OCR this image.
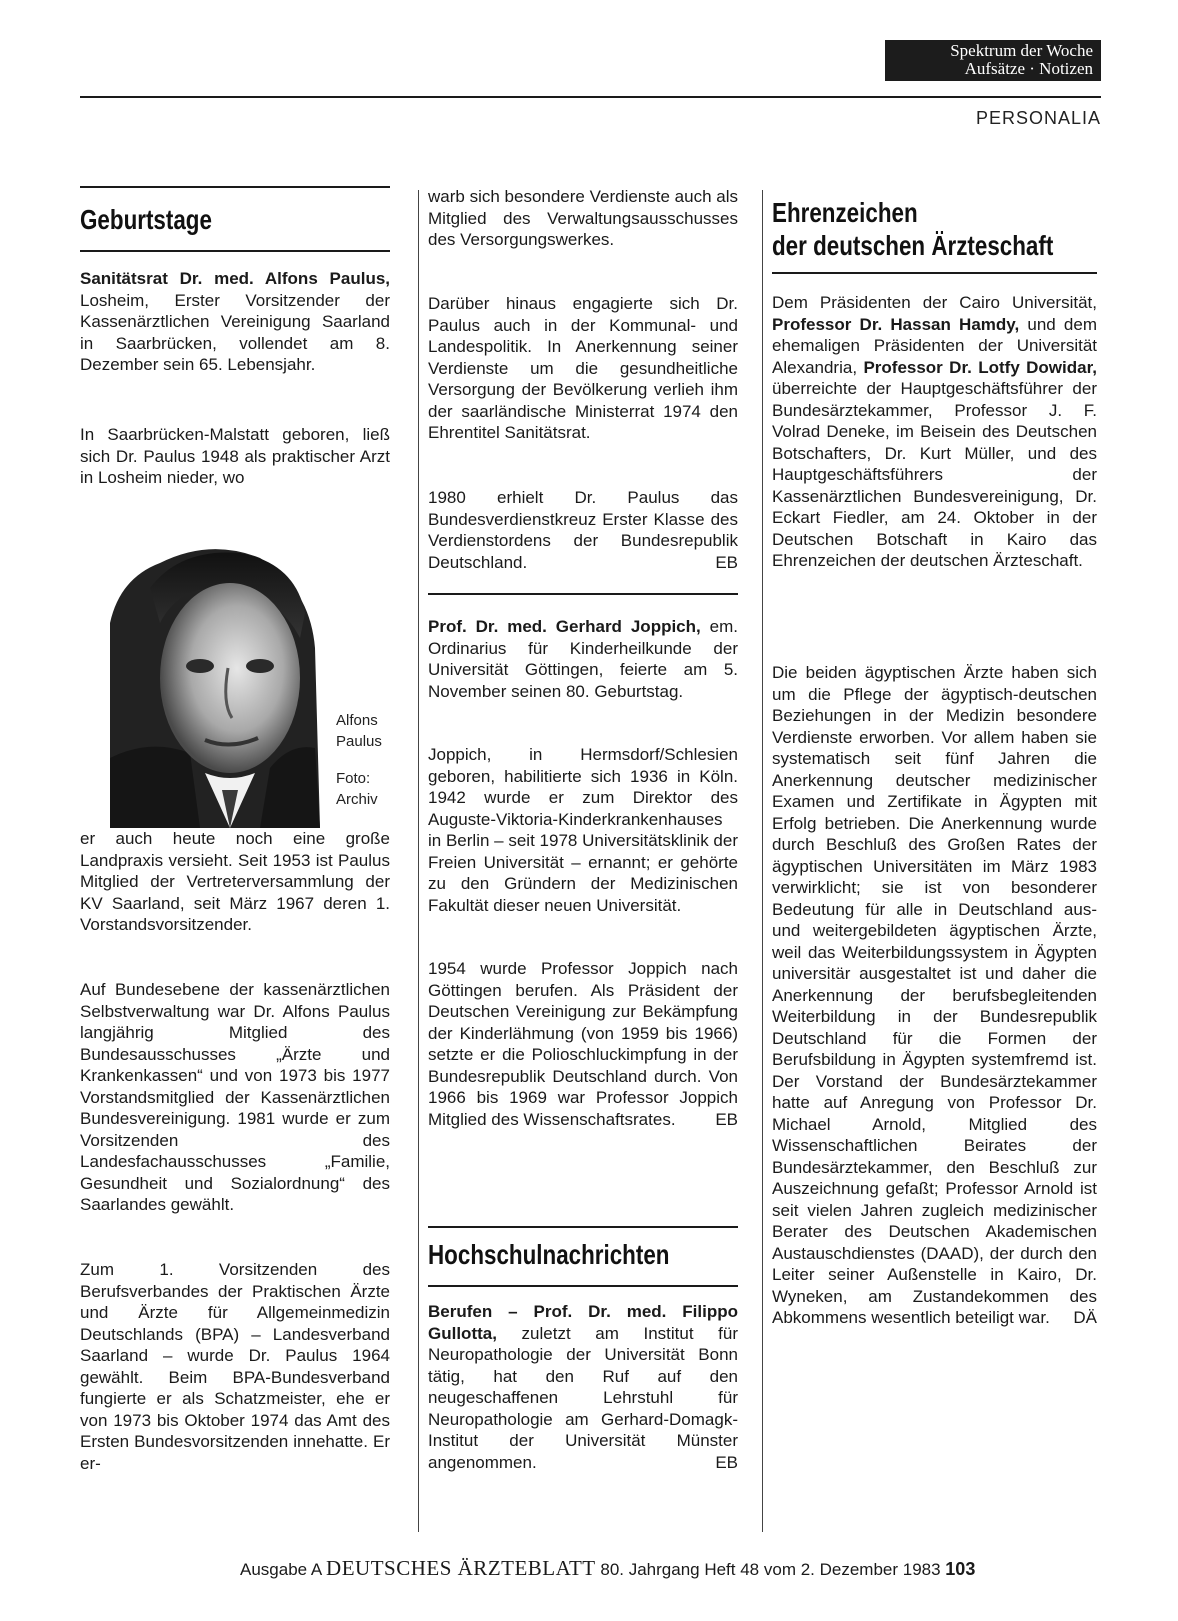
Spektrum der Woche
Aufsätze · Notizen
PERSONALIA
Geburtstage
Sanitätsrat Dr. med. Alfons Paulus, Losheim, Erster Vorsitzender der Kassenärztlichen Vereinigung Saarland in Saarbrücken, vollendet am 8. Dezember sein 65. Lebensjahr.
In Saarbrücken-Malstatt geboren, ließ sich Dr. Paulus 1948 als praktischer Arzt in Losheim nieder, wo
Alfons Paulus
Foto: Archiv
er auch heute noch eine große Landpraxis versieht. Seit 1953 ist Paulus Mitglied der Vertreterversammlung der KV Saarland, seit März 1967 deren 1. Vorstandsvorsitzender.
Auf Bundesebene der kassenärztlichen Selbstverwaltung war Dr. Alfons Paulus langjährig Mitglied des Bundesausschusses „Ärzte und Krankenkassen“ und von 1973 bis 1977 Vorstandsmitglied der Kassenärztlichen Bundesvereinigung. 1981 wurde er zum Vorsitzenden des Landesfachausschusses „Familie, Gesundheit und Sozialordnung“ des Saarlandes gewählt.
Zum 1. Vorsitzenden des Berufsverbandes der Praktischen Ärzte und Ärzte für Allgemeinmedizin Deutschlands (BPA) – Landesverband Saarland – wurde Dr. Paulus 1964 gewählt. Beim BPA-Bundesverband fungierte er als Schatzmeister, ehe er von 1973 bis Oktober 1974 das Amt des Ersten Bundesvorsitzenden innehatte. Er er-
warb sich besondere Verdienste auch als Mitglied des Verwaltungsausschusses des Versorgungswerkes.
Darüber hinaus engagierte sich Dr. Paulus auch in der Kommunal- und Landespolitik. In Anerkennung seiner Verdienste um die gesundheitliche Versorgung der Bevölkerung verlieh ihm der saarländische Ministerrat 1974 den Ehrentitel Sanitätsrat.
1980 erhielt Dr. Paulus das Bundesverdienstkreuz Erster Klasse des Verdienstordens der Bundesrepublik Deutschland.	EB
Prof. Dr. med. Gerhard Joppich, em. Ordinarius für Kinderheilkunde der Universität Göttingen, feierte am 5. November seinen 80. Geburtstag.
Joppich, in Hermsdorf/Schlesien geboren, habilitierte sich 1936 in Köln. 1942 wurde er zum Direktor des Auguste-Viktoria-Kinderkrankenhauses in Berlin – seit 1978 Universitätsklinik der Freien Universität – ernannt; er gehörte zu den Gründern der Medizinischen Fakultät dieser neuen Universität.
1954 wurde Professor Joppich nach Göttingen berufen. Als Präsident der Deutschen Vereinigung zur Bekämpfung der Kinderlähmung (von 1959 bis 1966) setzte er die Polioschluckimpfung in der Bundesrepublik Deutschland durch. Von 1966 bis 1969 war Professor Joppich Mitglied des Wissenschaftsrates. EB
Hochschulnachrichten
Berufen – Prof. Dr. med. Filippo Gullotta, zuletzt am Institut für Neuropathologie der Universität Bonn tätig, hat den Ruf auf den neugeschaffenen Lehrstuhl für Neuropathologie am Gerhard-Domagk-Institut der Universität Münster angenommen.	EB
Ehrenzeichen
der deutschen Ärzteschaft
Dem Präsidenten der Cairo Universität, Professor Dr. Hassan Hamdy, und dem ehemaligen Präsidenten der Universität Alexandria, Professor Dr. Lotfy Dowidar, überreichte der Hauptgeschäftsführer der Bundesärztekammer, Professor J. F. Volrad Deneke, im Beisein des Deutschen Botschafters, Dr. Kurt Müller, und des Hauptgeschäftsführers der Kassenärztlichen Bundesvereinigung, Dr. Eckart Fiedler, am 24. Oktober in der Deutschen Botschaft in Kairo das Ehrenzeichen der deutschen Ärzteschaft.
Die beiden ägyptischen Ärzte haben sich um die Pflege der ägyptisch-deutschen Beziehungen in der Medizin besondere Verdienste erworben. Vor allem haben sie systematisch seit fünf Jahren die Anerkennung deutscher medizinischer Examen und Zertifikate in Ägypten mit Erfolg betrieben. Die Anerkennung wurde durch Beschluß des Großen Rates der ägyptischen Universitäten im März 1983 verwirklicht; sie ist von besonderer Bedeutung für alle in Deutschland aus- und weitergebildeten ägyptischen Ärzte, weil das Weiterbildungssystem in Ägypten universitär ausgestaltet ist und daher die Anerkennung der berufsbegleitenden Weiterbildung in der Bundesrepublik Deutschland für die Formen der Berufsbildung in Ägypten systemfremd ist. Der Vorstand der Bundesärztekammer hatte auf Anregung von Professor Dr. Michael Arnold, Mitglied des Wissenschaftlichen Beirates der Bundesärztekammer, den Beschluß zur Auszeichnung gefaßt; Professor Arnold ist seit vielen Jahren zugleich medizinischer Berater des Deutschen Akademischen Austauschdienstes (DAAD), der durch den Leiter seiner Außenstelle in Kairo, Dr. Wyneken, am Zustandekommen des Abkommens wesentlich beteiligt war. DÄ
Ausgabe A DEUTSCHES ÄRZTEBLATT 80. Jahrgang Heft 48 vom 2. Dezember 1983 103
